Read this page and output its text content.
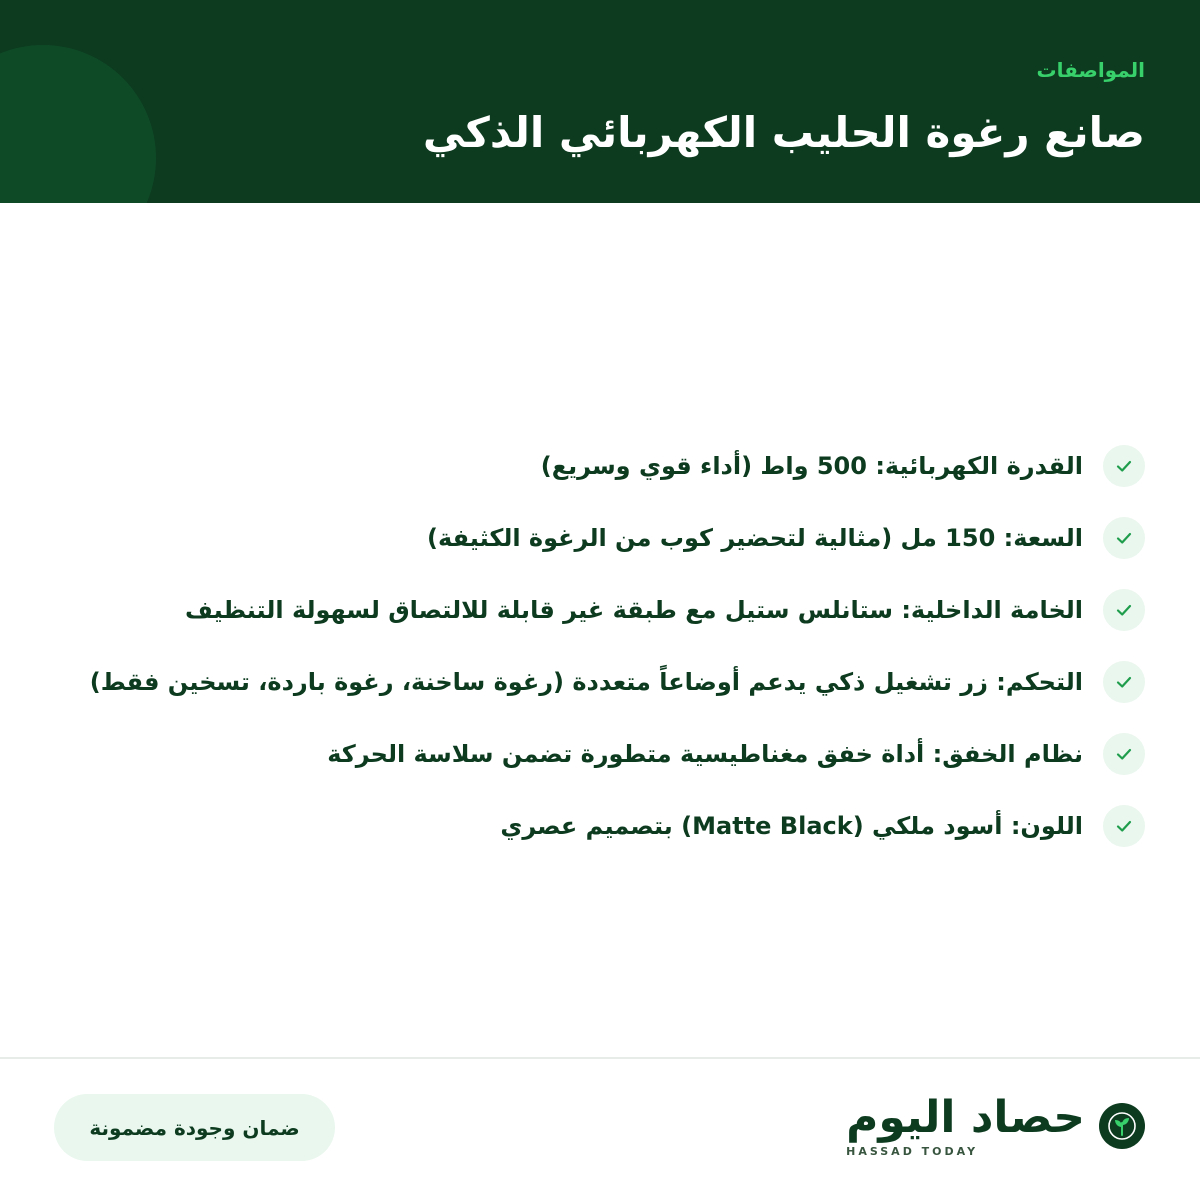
المواصفات
صانع رغوة الحليب الكهربائي الذكي
القدرة الكهربائية: 500 واط (أداء قوي وسريع)
السعة: 150 مل (مثالية لتحضير كوب من الرغوة الكثيفة)
الخامة الداخلية: ستانلس ستيل مع طبقة غير قابلة للالتصاق لسهولة التنظيف
التحكم: زر تشغيل ذكي يدعم أوضاعاً متعددة (رغوة ساخنة، رغوة باردة، تسخين فقط)
نظام الخفق: أداة خفق مغناطيسية متطورة تضمن سلاسة الحركة
اللون: أسود ملكي (Matte Black) بتصميم عصري
حصاد اليوم
HASSAD TODAY
ضمان وجودة مضمونة
